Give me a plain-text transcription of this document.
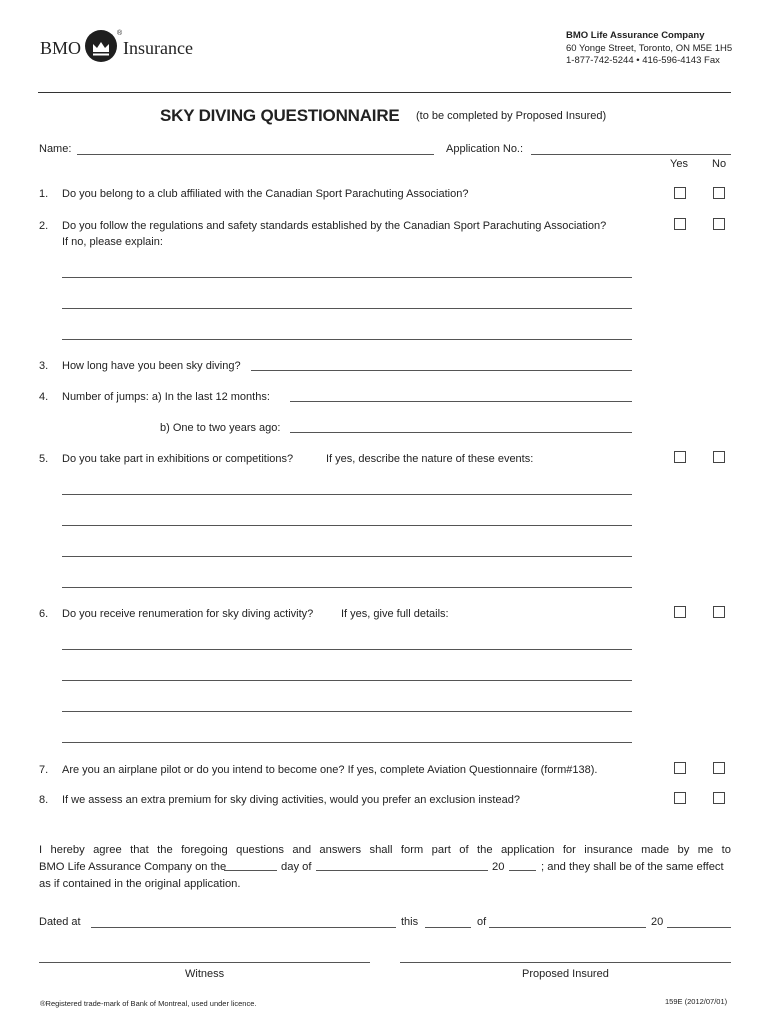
BMO
®
Insurance
BMO Life Assurance Company
60 Yonge Street, Toronto, ON M5E 1H5
1-877-742-5244 • 416-596-4143 Fax
SKY DIVING QUESTIONNAIRE (to be completed by Proposed Insured)
Name:	Application No.:
Yes No
1. Do you belong to a club affiliated with the Canadian Sport Parachuting Association?
2. Do you follow the regulations and safety standards established by the Canadian Sport Parachuting Association?
If no, please explain:
3. How long have you been sky diving?
4. Number of jumps: a) In the last 12 months:
b) One to two years ago:
5. Do you take part in exhibitions or competitions?	If yes, describe the nature of these events:
6. Do you receive renumeration for sky diving activity?	If yes, give full details:
7. Are you an airplane pilot or do you intend to become one? If yes, complete Aviation Questionnaire (form#138).
8. If we assess an extra premium for sky diving activities, would you prefer an exclusion instead?
I hereby agree that the foregoing questions and answers shall form part of the application for insurance made by me to
BMO Life Assurance Company on the	day of	20	; and they shall be of the same effect
as if contained in the original application.
Dated at	this	of	20
Witness	Proposed Insured
®Registered trade-mark of Bank of Montreal, used under licence.	159E (2012/07/01)
